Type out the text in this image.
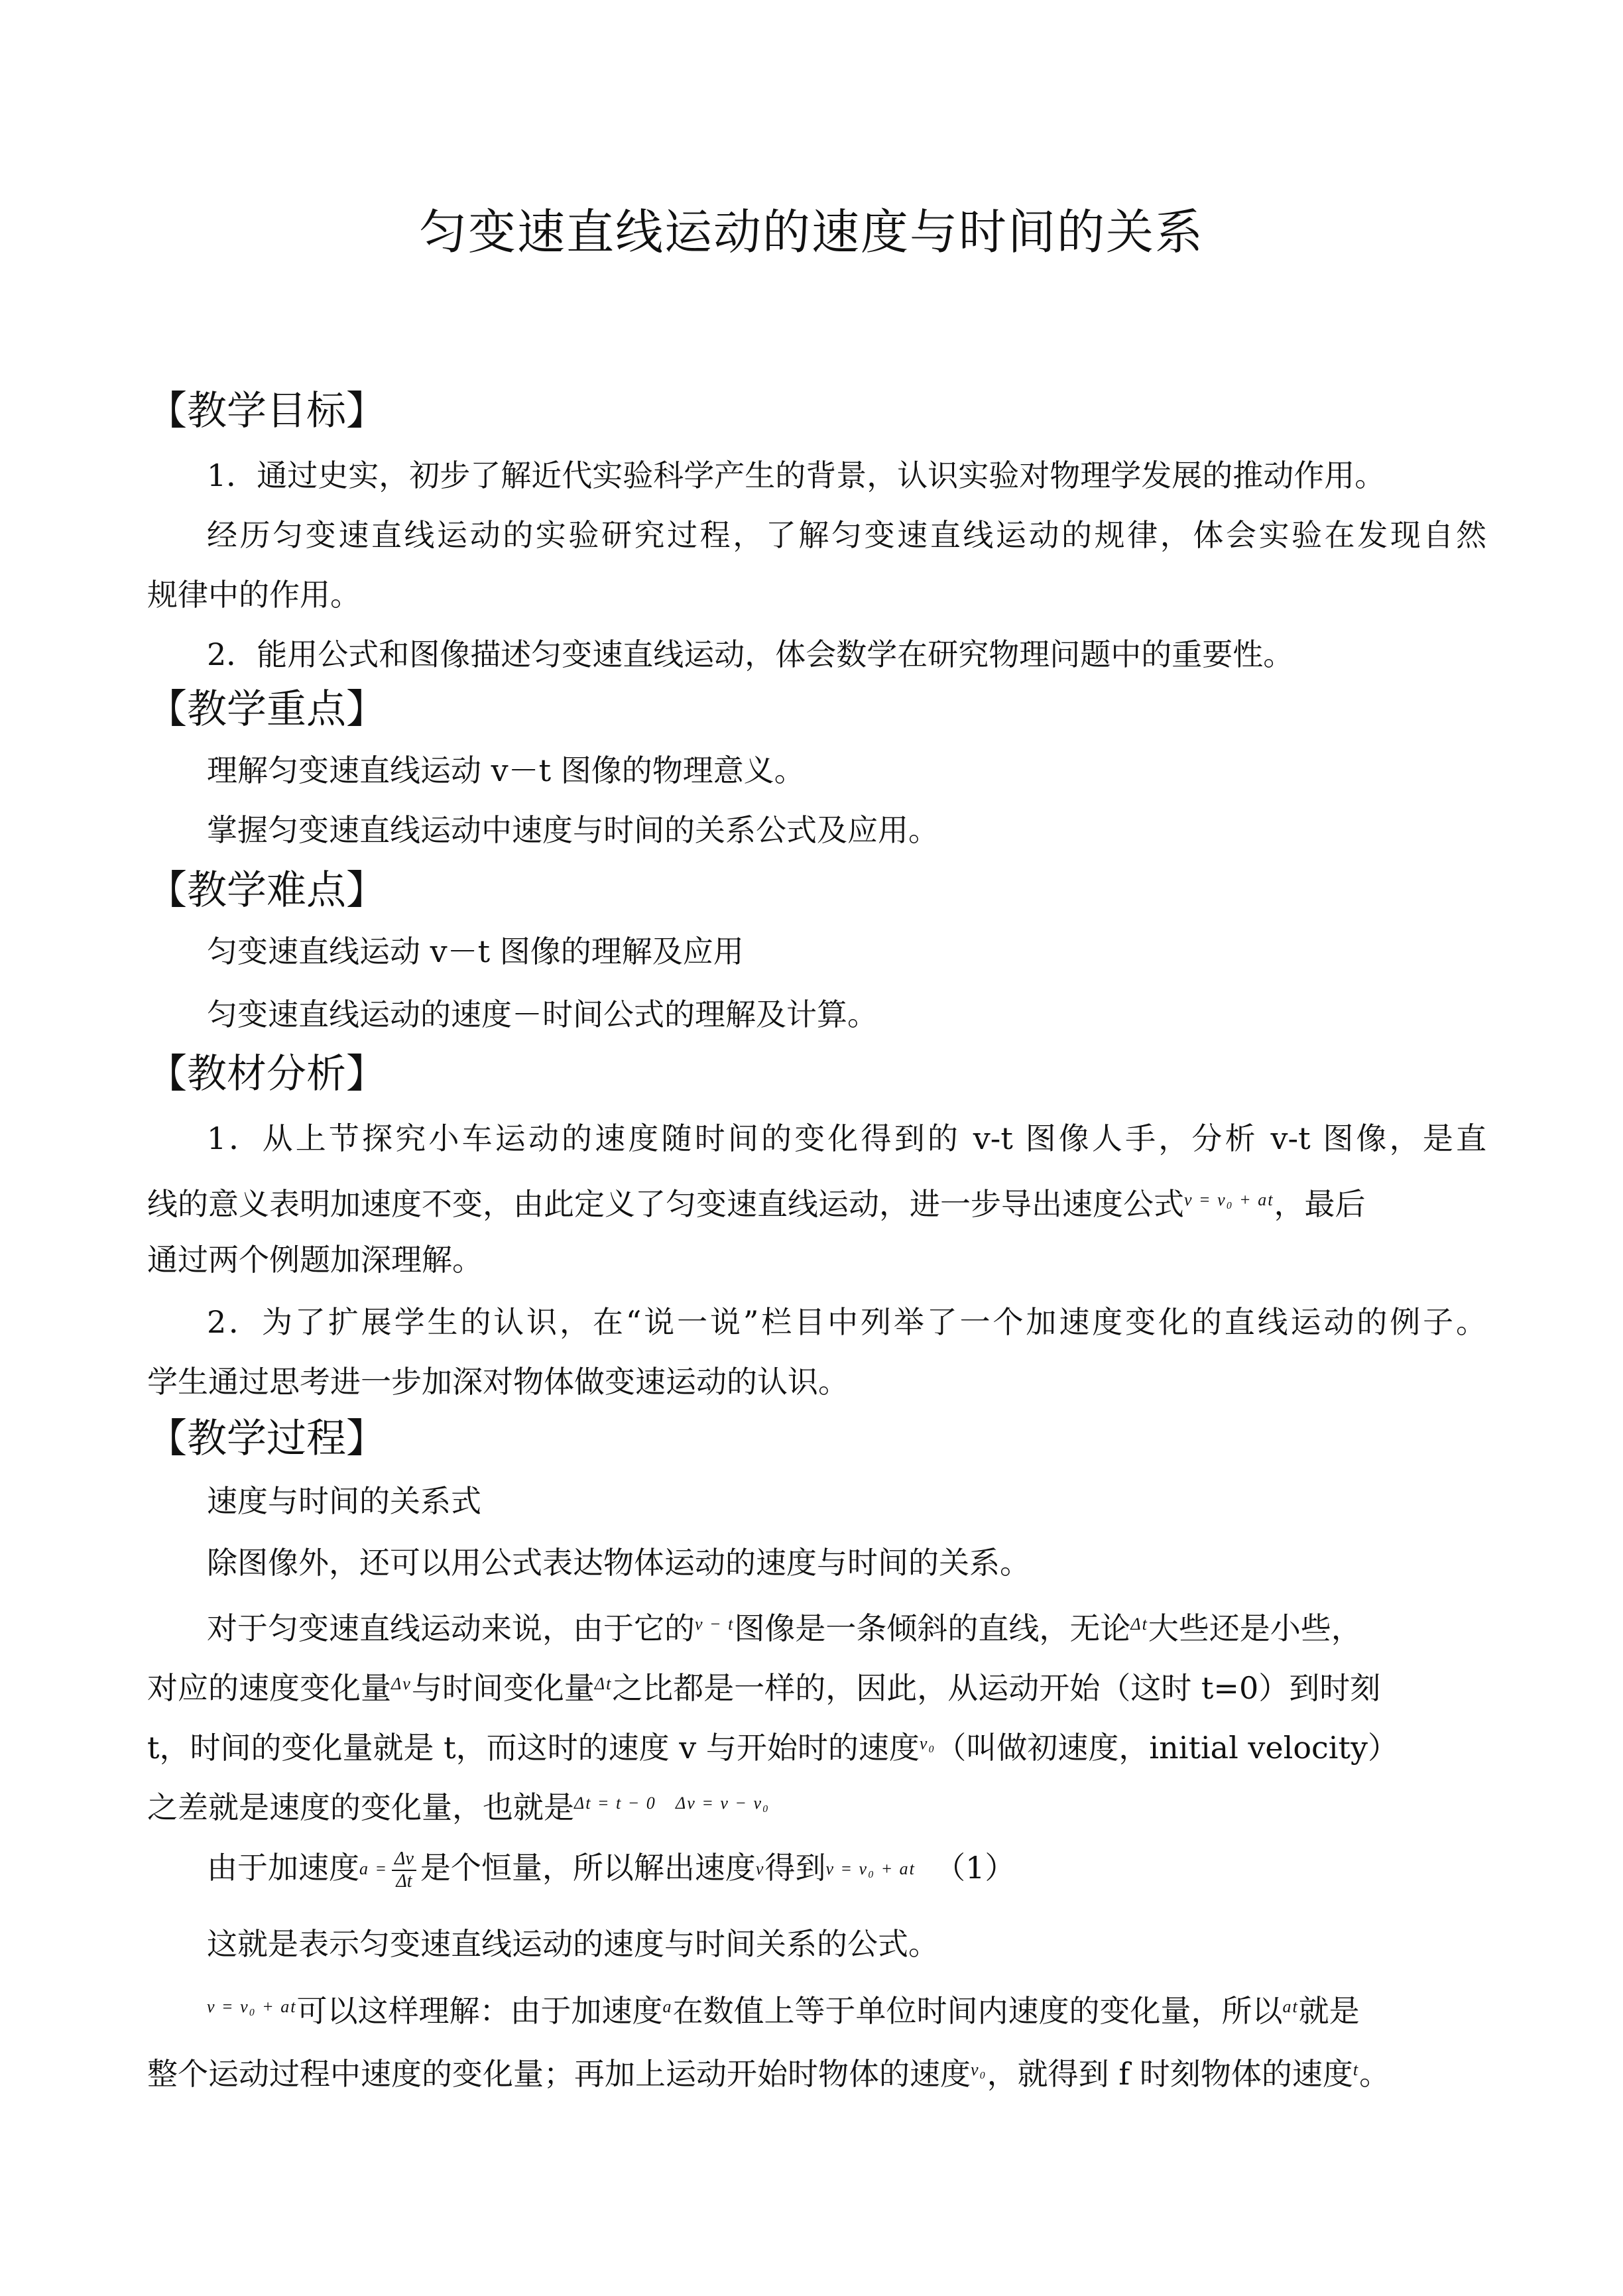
匀变速直线运动的速度与时间的关系
【教学目标】
1．通过史实，初步了解近代实验科学产生的背景，认识实验对物理学发展的推动作用。
经历匀变速直线运动的实验研究过程，了解匀变速直线运动的规律，体会实验在发现自然
规律中的作用。
2．能用公式和图像描述匀变速直线运动，体会数学在研究物理问题中的重要性。
【教学重点】
理解匀变速直线运动 v－t 图像的物理意义。
掌握匀变速直线运动中速度与时间的关系公式及应用。
【教学难点】
匀变速直线运动 v－t 图像的理解及应用
匀变速直线运动的速度－时间公式的理解及计算。
【教材分析】
1．从上节探究小车运动的速度随时间的变化得到的 v-t 图像人手，分析 v-t 图像，是直
线的意义表明加速度不变，由此定义了匀变速直线运动，进一步导出速度公式$^{v = v_0 + at}$，最后
通过两个例题加深理解。
2．为了扩展学生的认识，在“说一说”栏目中列举了一个加速度变化的直线运动的例子。
学生通过思考进一步加深对物体做变速运动的认识。
【教学过程】
速度与时间的关系式
除图像外，还可以用公式表达物体运动的速度与时间的关系。
对于匀变速直线运动来说，由于它的$^{v - t}$图像是一条倾斜的直线，无论$^{\Delta t}$大些还是小些，
对应的速度变化量$^{\Delta v}$与时间变化量$^{\Delta t}$之比都是一样的，因此，从运动开始（这时 t=0）到时刻
t，时间的变化量就是 t，而这时的速度 v 与开始时的速度$^{v_0}$（叫做初速度，initial velocity）
之差就是速度的变化量，也就是$^{\Delta t = t - 0}$ $^{\Delta v = v - v_0}$
由于加速度$a = \frac{\Delta v}{\Delta t}$ 是个恒量，所以解出速度v得到v = v₀ + at （1）
这就是表示匀变速直线运动的速度与时间关系的公式。
$^{v = v_0 + at}$可以这样理解：由于加速度$^a$在数值上等于单位时间内速度的变化量，所以$^{at}$就是
整个运动过程中速度的变化量；再加上运动开始时物体的速度$^{v_0}$，就得到 f 时刻物体的速度$^t$。
